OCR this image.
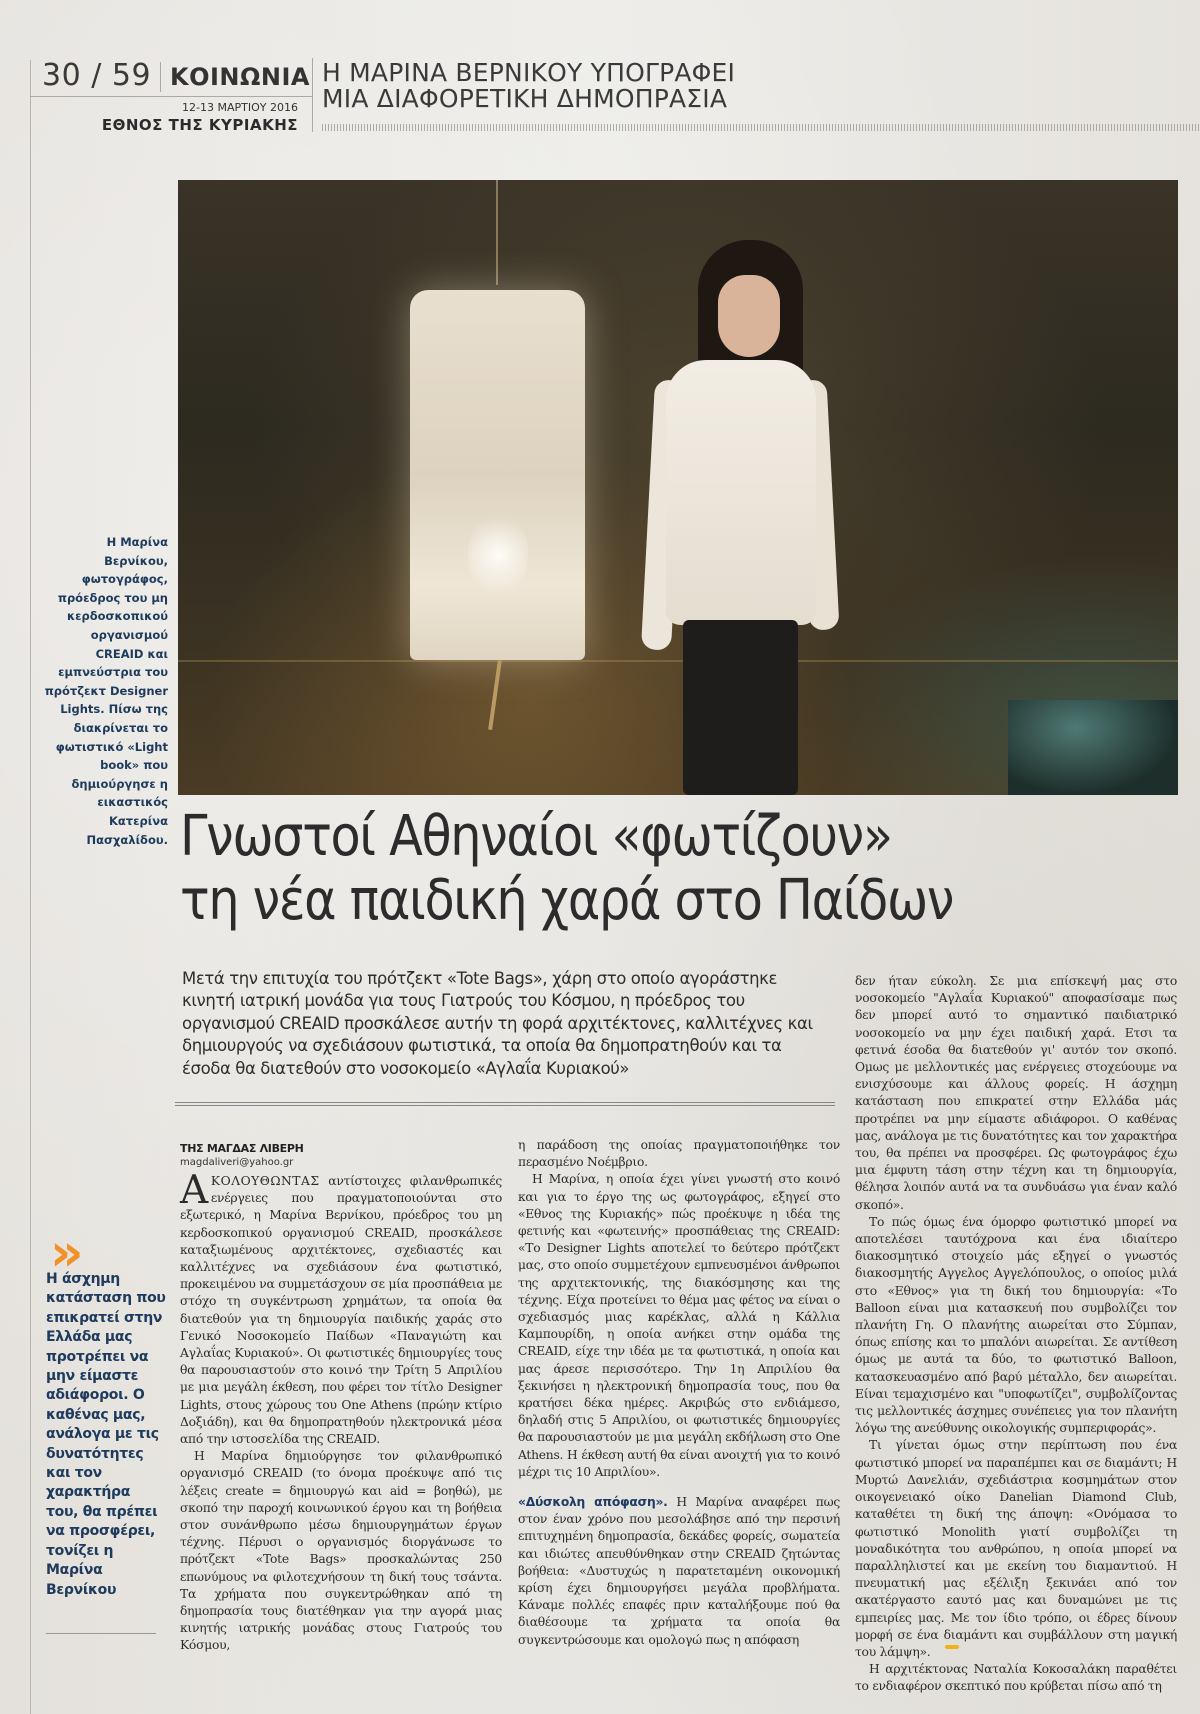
30 / 59 ΚΟΙΝΩΝΙΑ
12-13 ΜΑΡΤΙΟΥ 2016
ΕΘΝΟΣ ΤΗΣ ΚΥΡΙΑΚΗΣ
Η ΜΑΡΙΝΑ ΒΕΡΝΙΚΟΥ ΥΠΟΓΡΑΦΕΙ
ΜΙΑ ΔΙΑΦΟΡΕΤΙΚΗ ΔΗΜΟΠΡΑΣΙΑ
Η Μαρίνα Βερνίκου, φωτογράφος, πρόεδρος του μη κερδοσκοπικού οργανισμού CREAID και εμπνεύστρια του πρότζεκτ Designer Lights. Πίσω της διακρίνεται το φωτιστικό «Light book» που δημιούργησε η εικαστικός Κατερίνα Πασχαλίδου. Γνωστοί Αθηναίοι «φωτίζουν»
τη νέα παιδική χαρά στο Παίδων
Μετά την επιτυχία του πρότζεκτ «Tote Bags», χάρη στο οποίο αγοράστηκε κινητή ιατρική μονάδα για τους Γιατρούς του Κόσμου, η πρόεδρος του οργανισμού CREAID προσκάλεσε αυτήν τη φορά αρχιτέκτονες, καλλιτέχνες και δημιουργούς να σχεδιάσουν φωτιστικά, τα οποία θα δημοπρατηθούν και τα έσοδα θα διατεθούν στο νοσοκομείο «Αγλαΐα Κυριακού»
ΤΗΣ ΜΑΓΔΑΣ ΛΙΒΕΡΗ
magdaliveri@yahoo.gr
»
Η άσχημη κατάσταση που επικρατεί στην Ελλάδα μας προτρέπει να μην είμαστε αδιάφοροι. Ο καθένας μας, ανάλογα με τις δυνατότητες και τον χαρακτήρα του, θα πρέπει να προσφέρει, τονίζει η Μαρίνα Βερνίκου

ΑΚΟΛΟΥΘΩΝΤΑΣ αντίστοιχες φιλανθρωπικές ενέργειες που πραγματοποιούνται στο εξωτερικό, η Μαρίνα Βερνίκου, πρόεδρος του μη κερδοσκοπικού οργανισμού CREAID, προσκάλεσε καταξιωμένους αρχιτέκτονες, σχεδιαστές και καλλιτέχνες να σχεδιάσουν ένα φωτιστικό, προκειμένου να συμμετάσχουν σε μία προσπάθεια με στόχο τη συγκέντρωση χρημάτων, τα οποία θα διατεθούν για τη δημιουργία παιδικής χαράς στο Γενικό Νοσοκομείο Παίδων «Παναγιώτη και Αγλαΐας Κυριακού». Οι φωτιστικές δημιουργίες τους θα παρουσιαστούν στο κοινό την Τρίτη 5 Απριλίου με μια μεγάλη έκθεση, που φέρει τον τίτλο Designer Lights, στους χώρους του One Athens (πρώην κτίριο Δοξιάδη), και θα δημοπρατηθούν ηλεκτρονικά μέσα από την ιστοσελίδα της CREAID.

Η Μαρίνα δημιούργησε τον φιλανθρωπικό οργανισμό CREAID (το όνομα προέκυψε από τις λέξεις create = δημιουργώ και aid = βοηθώ), με σκοπό την παροχή κοινωνικού έργου και τη βοήθεια στον συνάνθρωπο μέσω δημιουργημάτων έργων τέχνης. Πέρυσι ο οργανισμός διοργάνωσε το πρότζεκτ «Tote Bags» προσκαλώντας 250 επωνύμους να φιλοτεχνήσουν τη δική τους τσάντα. Τα χρήματα που συγκεντρώθηκαν από τη δημοπρασία τους διατέθηκαν για την αγορά μιας κινητής ιατρικής μονάδας στους Γιατρούς του Κόσμου,

η παράδοση της οποίας πραγματοποιήθηκε τον περασμένο Νοέμβριο.

Η Μαρίνα, η οποία έχει γίνει γνωστή στο κοινό και για το έργο της ως φωτογράφος, εξηγεί στο «Εθνος της Κυριακής» πώς προέκυψε η ιδέα της φετινής και «φωτεινής» προσπάθειας της CREAID: «Το Designer Lights αποτελεί το δεύτερο πρότζεκτ μας, στο οποίο συμμετέχουν εμπνευσμένοι άνθρωποι της αρχιτεκτονικής, της διακόσμησης και της τέχνης. Είχα προτείνει το θέμα μας φέτος να είναι ο σχεδιασμός μιας καρέκλας, αλλά η Κάλλια Καμπουρίδη, η οποία ανήκει στην ομάδα της CREAID, είχε την ιδέα με τα φωτιστικά, η οποία και μας άρεσε περισσότερο. Την 1η Απριλίου θα ξεκινήσει η ηλεκτρονική δημοπρασία τους, που θα κρατήσει δέκα ημέρες. Ακριβώς στο ενδιάμεσο, δηλαδή στις 5 Απριλίου, οι φωτιστικές δημιουργίες θα παρουσιαστούν με μια μεγάλη εκδήλωση στο One Athens. Η έκθεση αυτή θα είναι ανοιχτή για το κοινό μέχρι τις 10 Απριλίου».

«Δύσκολη απόφαση». Η Μαρίνα αναφέρει πως στον έναν χρόνο που μεσολάβησε από την περσινή επιτυχημένη δημοπρασία, δεκάδες φορείς, σωματεία και ιδιώτες απευθύνθηκαν στην CREAID ζητώντας βοήθεια: «Δυστυχώς η παρατεταμένη οικονομική κρίση έχει δημιουργήσει μεγάλα προβλήματα. Κάναμε πολλές επαφές πριν καταλήξουμε πού θα διαθέσουμε τα χρήματα τα οποία θα συγκεντρώσουμε και ομολογώ πως η απόφαση

δεν ήταν εύκολη. Σε μια επίσκεψή μας στο νοσοκομείο "Αγλαΐα Κυριακού" αποφασίσαμε πως δεν μπορεί αυτό το σημαντικό παιδιατρικό νοσοκομείο να μην έχει παιδική χαρά. Ετσι τα φετινά έσοδα θα διατεθούν γι' αυτόν τον σκοπό. Ομως με μελλοντικές μας ενέργειες στοχεύουμε να ενισχύσουμε και άλλους φορείς. Η άσχημη κατάσταση που επικρατεί στην Ελλάδα μάς προτρέπει να μην είμαστε αδιάφοροι. Ο καθένας μας, ανάλογα με τις δυνατότητες και τον χαρακτήρα του, θα πρέπει να προσφέρει. Ως φωτογράφος έχω μια έμφυτη τάση στην τέχνη και τη δημιουργία, θέλησα λοιπόν αυτά να τα συνδυάσω για έναν καλό σκοπό».

Το πώς όμως ένα όμορφο φωτιστικό μπορεί να αποτελέσει ταυτόχρονα και ένα ιδιαίτερο διακοσμητικό στοιχείο μάς εξηγεί ο γνωστός διακοσμητής Αγγελος Αγγελόπουλος, ο οποίος μιλά στο «Εθνος» για τη δική του δημιουργία: «Το Balloon είναι μια κατασκευή που συμβολίζει τον πλανήτη Γη. Ο πλανήτης αιωρείται στο Σύμπαν, όπως επίσης και το μπαλόνι αιωρείται. Σε αντίθεση όμως με αυτά τα δύο, το φωτιστικό Balloon, κατασκευασμένο από βαρύ μέταλλο, δεν αιωρείται. Είναι τεμαχισμένο και "υποφωτίζει", συμβολίζοντας τις μελλοντικές άσχημες συνέπειες για τον πλανήτη λόγω της ανεύθυνης οικολογικής συμπεριφοράς».

Τι γίνεται όμως στην περίπτωση που ένα φωτιστικό μπορεί να παραπέμπει και σε διαμάντι; Η Μυρτώ Δανελιάν, σχεδιάστρια κοσμημάτων στον οικογενειακό οίκο Danelian Diamond Club, καταθέτει τη δική της άποψη: «Ονόμασα το φωτιστικό Monolith γιατί συμβολίζει τη μοναδικότητα του ανθρώπου, η οποία μπορεί να παραλληλιστεί και με εκείνη του διαμαντιού. Η πνευματική μας εξέλιξη ξεκινάει από τον ακατέργαστο εαυτό μας και δυναμώνει με τις εμπειρίες μας. Με τον ίδιο τρόπο, οι έδρες δίνουν μορφή σε ένα διαμάντι και συμβάλλουν στη μαγική του λάμψη».

Η αρχιτέκτονας Ναταλία Κοκοσαλάκη παραθέτει το ενδιαφέρον σκεπτικό που κρύβεται πίσω από τη
